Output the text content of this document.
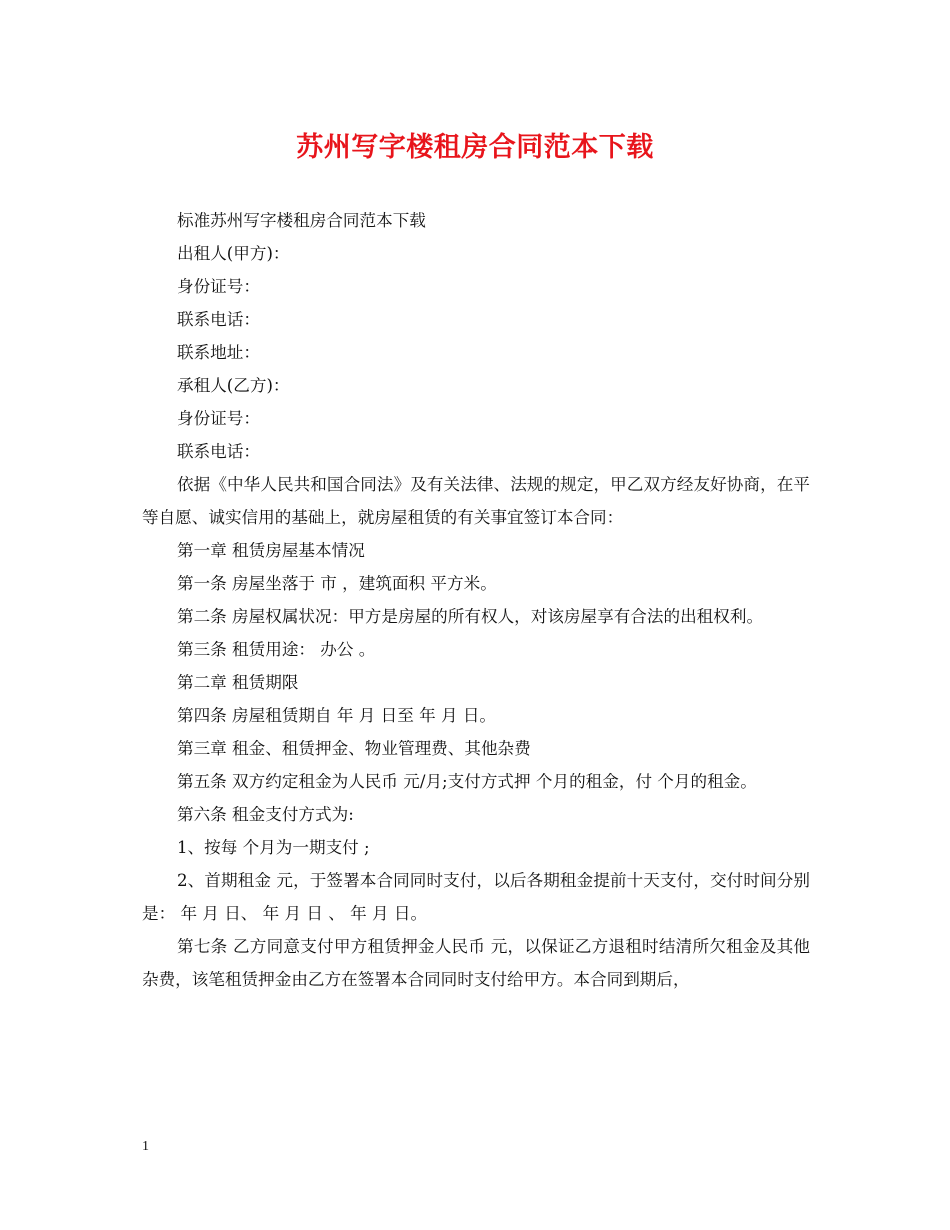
苏州写字楼租房合同范本下载

标准苏州写字楼租房合同范本下载

出租人(甲方)：

身份证号：

联系电话：

联系地址：

承租人(乙方)：

身份证号：

联系电话：

依据《中华人民共和国合同法》及有关法律、法规的规定，甲乙双方经友好协商，在平等自愿、诚实信用的基础上，就房屋租赁的有关事宜签订本合同：

第一章 租赁房屋基本情况

第一条 房屋坐落于 市 ，建筑面积 平方米。

第二条 房屋权属状况：甲方是房屋的所有权人，对该房屋享有合法的出租权利。

第三条 租赁用途： 办公 。

第二章 租赁期限

第四条 房屋租赁期自 年 月 日至 年 月 日。

第三章 租金、租赁押金、物业管理费、其他杂费

第五条 双方约定租金为人民币 元/月;支付方式押 个月的租金，付 个月的租金。

第六条 租金支付方式为:

1、按每 个月为一期支付 ;

2、首期租金 元，于签署本合同同时支付，以后各期租金提前十天支付，交付时间分别是： 年 月 日、 年 月 日 、 年 月 日。

第七条 乙方同意支付甲方租赁押金人民币 元，以保证乙方退租时结清所欠租金及其他杂费，该笔租赁押金由乙方在签署本合同同时支付给甲方。本合同到期后，

1
